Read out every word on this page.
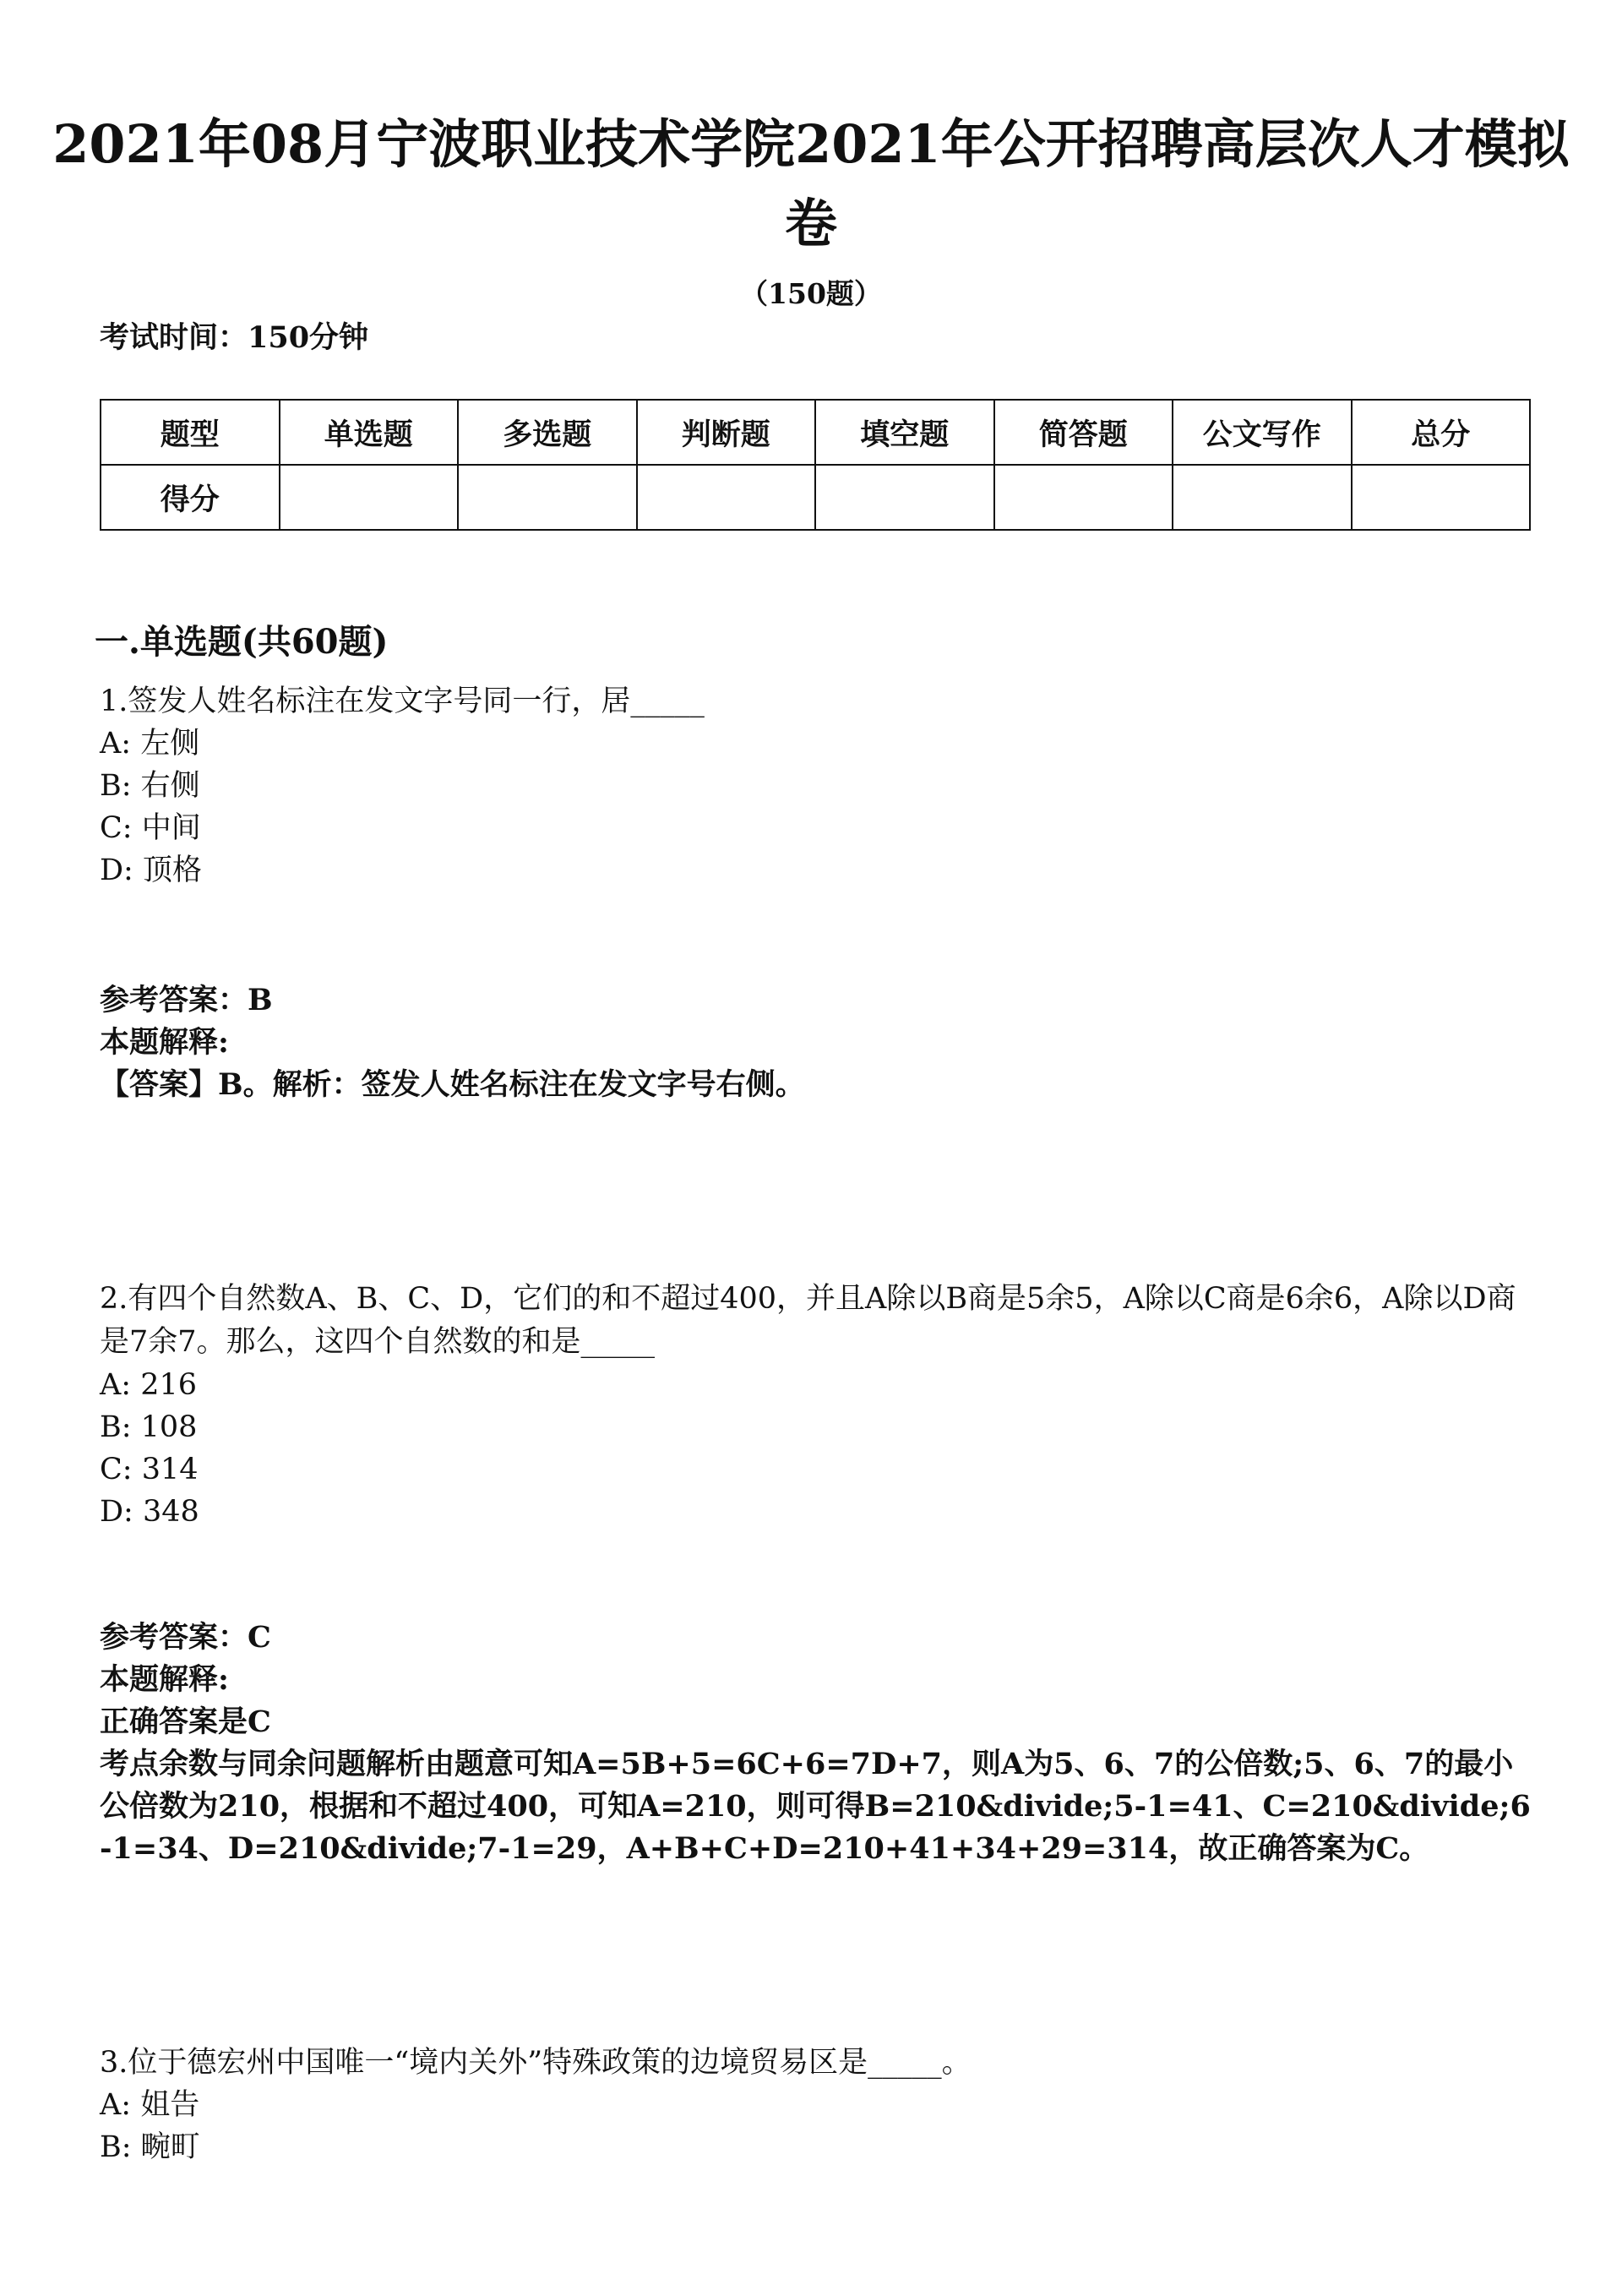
2021年08月宁波职业技术学院2021年公开招聘高层次人才模拟卷
（150题）
考试时间：150分钟
题型	单选题	多选题	判断题	填空题	简答题	公文写作	总分
得分							
一.单选题(共60题)
1.签发人姓名标注在发文字号同一行，居_____
A: 左侧
B: 右侧
C: 中间
D: 顶格
参考答案：B
本题解释:
【答案】B。解析：签发人姓名标注在发文字号右侧。
2.有四个自然数A、B、C、D，它们的和不超过400，并且A除以B商是5余5，A除以C商是6余6，A除以D商是7余7。那么，这四个自然数的和是_____
A: 216
B: 108
C: 314
D: 348
参考答案：C
本题解释:
正确答案是C
考点余数与同余问题解析由题意可知A=5B+5=6C+6=7D+7，则A为5、6、7的公倍数;5、6、7的最小公倍数为210，根据和不超过400，可知A=210，则可得B=210&divide;5-1=41、C=210&divide;6-1=34、D=210&divide;7-1=29，A+B+C+D=210+41+34+29=314，故正确答案为C。
3.位于德宏州中国唯一“境内关外”特殊政策的边境贸易区是_____。
A: 姐告
B: 畹町
